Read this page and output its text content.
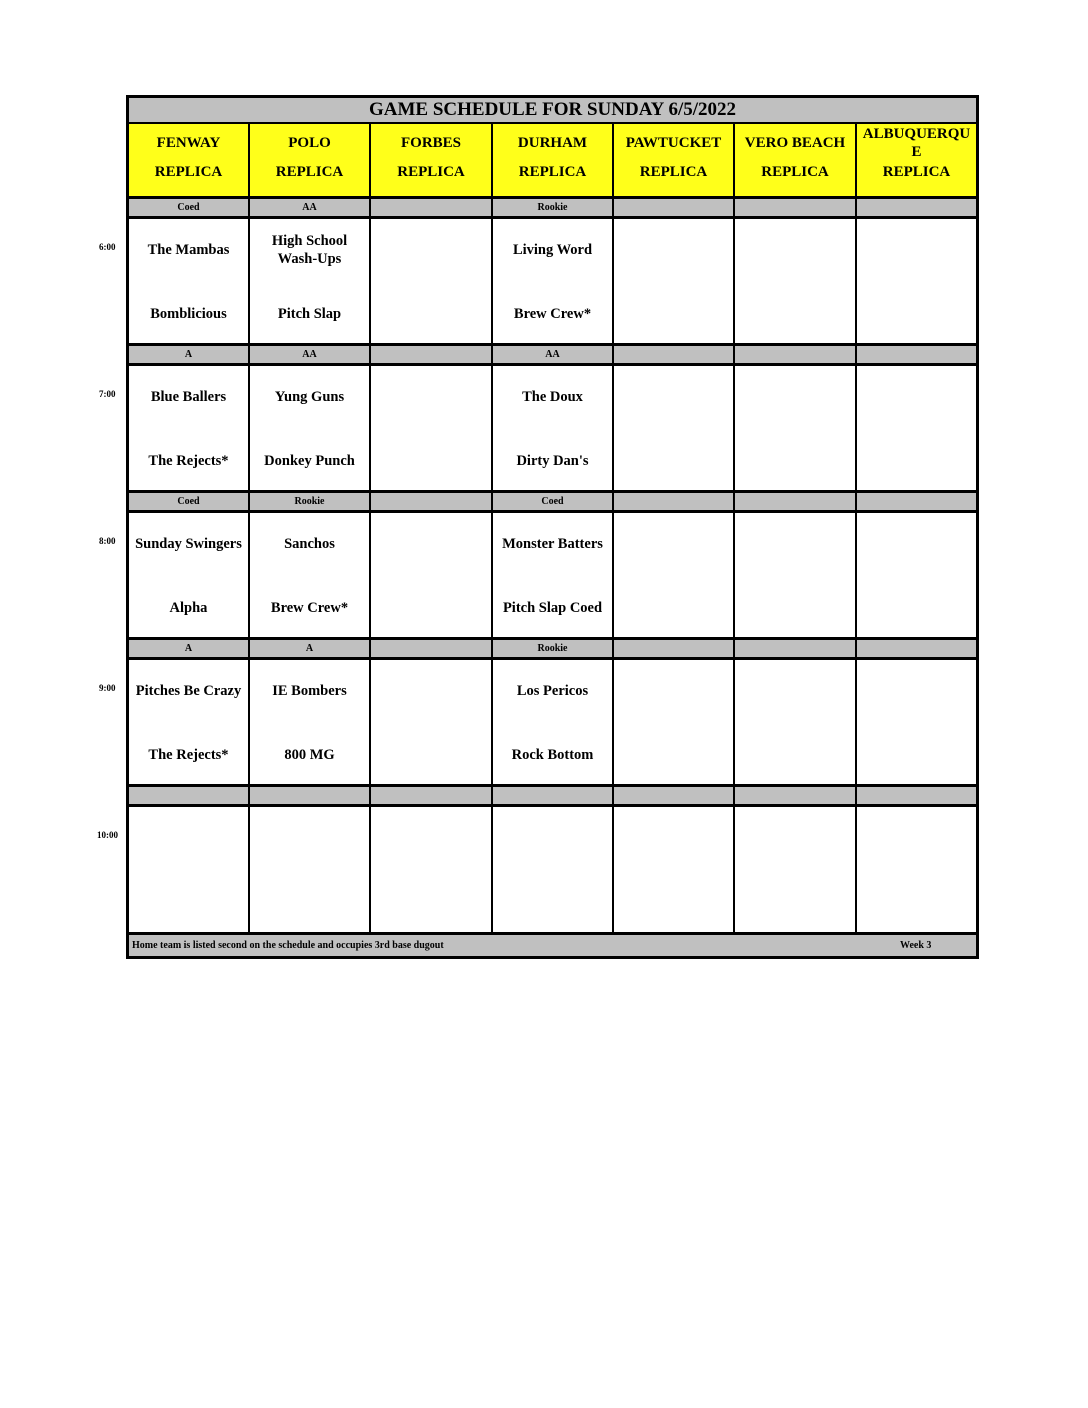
GAME SCHEDULE FOR SUNDAY 6/5/2022
FENWAY
REPLICA
POLO
REPLICA
FORBES
REPLICA
DURHAM
REPLICA
PAWTUCKET
REPLICA
VERO BEACH
REPLICA
ALBUQUERQU
E
REPLICA
Coed
The Mambas
Bomblicious
AA
High School Wash-Ups
Pitch Slap
Rookie
Living Word
Brew Crew*
A
Blue Ballers
The Rejects*
AA
Yung Guns
Donkey Punch
AA
The Doux
Dirty Dan's
Coed
Sunday Swingers
Alpha
Rookie
Sanchos
Brew Crew*
Coed
Monster Batters
Pitch Slap Coed
A
Pitches Be Crazy
The Rejects*
A
IE Bombers
800 MG
Rookie
Los Pericos
Rock Bottom
Home team is listed second on the schedule and occupies 3rd base dugout	Week 3
6:00
7:00
8:00
9:00
10:00
